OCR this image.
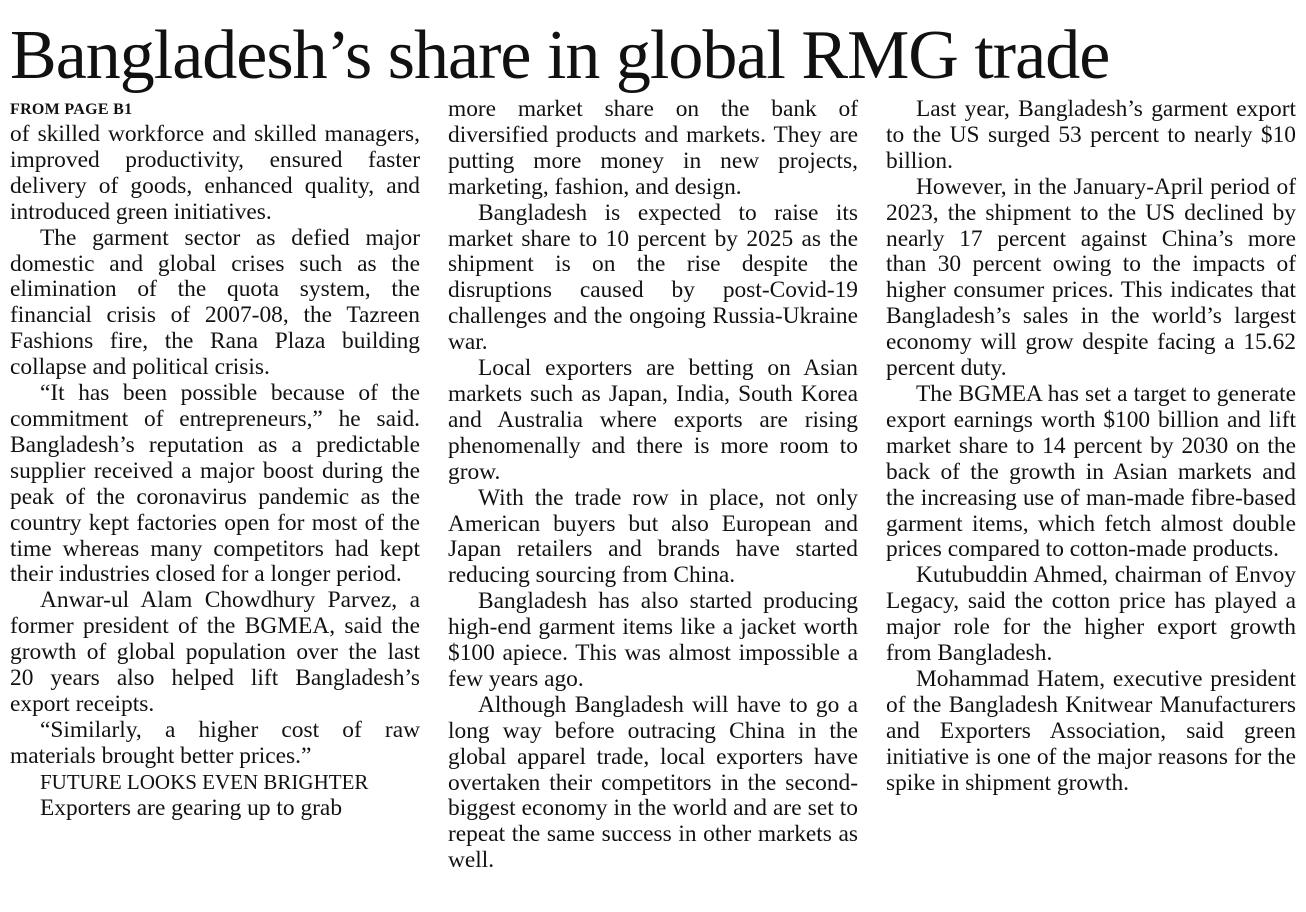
Bangladesh’s share in global RMG trade
FROM PAGE B1

of skilled workforce and skilled managers, improved productivity, ensured faster delivery of goods, enhanced quality, and introduced green initiatives.

The garment sector as defied major domestic and global crises such as the elimination of the quota system, the financial crisis of 2007-08, the Tazreen Fashions fire, the Rana Plaza building collapse and political crisis.

“It has been possible because of the commitment of entrepreneurs,” he said. Bangladesh’s reputation as a predictable supplier received a major boost during the peak of the coronavirus pandemic as the country kept factories open for most of the time whereas many competitors had kept their industries closed for a longer period.

Anwar-ul Alam Chowdhury Parvez, a former president of the BGMEA, said the growth of global population over the last 20 years also helped lift Bangladesh’s export receipts.

“Similarly, a higher cost of raw materials brought better prices.”

FUTURE LOOKS EVEN BRIGHTER

Exporters are gearing up to grab

more market share on the bank of diversified products and markets. They are putting more money in new projects, marketing, fashion, and design.

Bangladesh is expected to raise its market share to 10 percent by 2025 as the shipment is on the rise despite the disruptions caused by post-Covid-19 challenges and the ongoing Russia-Ukraine war.

Local exporters are betting on Asian markets such as Japan, India, South Korea and Australia where exports are rising phenomenally and there is more room to grow.

With the trade row in place, not only American buyers but also European and Japan retailers and brands have started reducing sourcing from China.

Bangladesh has also started producing high-end garment items like a jacket worth $100 apiece. This was almost impossible a few years ago.

Although Bangladesh will have to go a long way before outracing China in the global apparel trade, local exporters have overtaken their competitors in the second-biggest economy in the world and are set to repeat the same success in other markets as well.

Last year, Bangladesh’s garment export to the US surged 53 percent to nearly $10 billion.

However, in the January-April period of 2023, the shipment to the US declined by nearly 17 percent against China’s more than 30 percent owing to the impacts of higher consumer prices. This indicates that Bangladesh’s sales in the world’s largest economy will grow despite facing a 15.62 percent duty.

The BGMEA has set a target to generate export earnings worth $100 billion and lift market share to 14 percent by 2030 on the back of the growth in Asian markets and the increasing use of man-made fibre-based garment items, which fetch almost double prices compared to cotton-made products.

Kutubuddin Ahmed, chairman of Envoy Legacy, said the cotton price has played a major role for the higher export growth from Bangladesh.

Mohammad Hatem, executive president of the Bangladesh Knitwear Manufacturers and Exporters Association, said green initiative is one of the major reasons for the spike in shipment growth.
